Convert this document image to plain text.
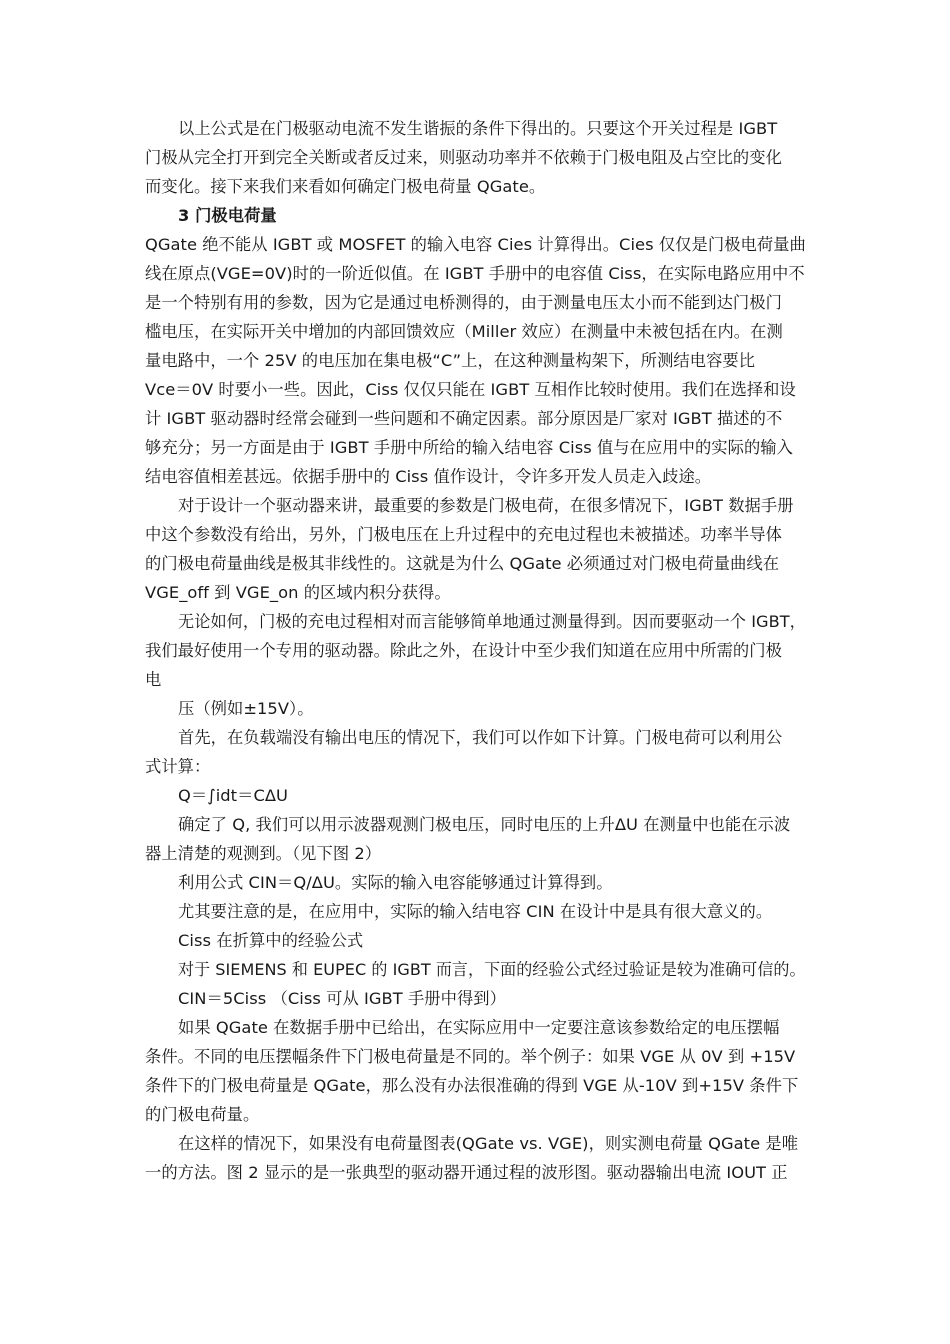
以上公式是在门极驱动电流不发生谐振的条件下得出的。只要这个开关过程是 IGBT
门极从完全打开到完全关断或者反过来，则驱动功率并不依赖于门极电阻及占空比的变化
而变化。接下来我们来看如何确定门极电荷量 QGate。
3 门极电荷量
QGate 绝不能从 IGBT 或 MOSFET 的输入电容 Cies 计算得出。Cies 仅仅是门极电荷量曲
线在原点(VGE=0V)时的一阶近似值。在 IGBT 手册中的电容值 Ciss，在实际电路应用中不
是一个特别有用的参数，因为它是通过电桥测得的，由于测量电压太小而不能到达门极门
槛电压，在实际开关中增加的内部回馈效应（Miller 效应）在测量中未被包括在内。在测
量电路中，一个 25V 的电压加在集电极“C”上，在这种测量构架下，所测结电容要比
Vce＝0V 时要小一些。因此，Ciss 仅仅只能在 IGBT 互相作比较时使用。我们在选择和设
计 IGBT 驱动器时经常会碰到一些问题和不确定因素。部分原因是厂家对 IGBT 描述的不
够充分；另一方面是由于 IGBT 手册中所给的输入结电容 Ciss 值与在应用中的实际的输入
结电容值相差甚远。依据手册中的 Ciss 值作设计，令许多开发人员走入歧途。
对于设计一个驱动器来讲，最重要的参数是门极电荷，在很多情况下，IGBT 数据手册
中这个参数没有给出，另外，门极电压在上升过程中的充电过程也未被描述。功率半导体
的门极电荷量曲线是极其非线性的。这就是为什么 QGate 必须通过对门极电荷量曲线在
VGE_off 到 VGE_on 的区域内积分获得。
无论如何，门极的充电过程相对而言能够简单地通过测量得到。因而要驱动一个 IGBT，
我们最好使用一个专用的驱动器。除此之外，在设计中至少我们知道在应用中所需的门极
电
压（例如±15V）。
首先，在负载端没有输出电压的情况下，我们可以作如下计算。门极电荷可以利用公
式计算：
Q＝∫idt＝CΔU
确定了 Q, 我们可以用示波器观测门极电压，同时电压的上升ΔU 在测量中也能在示波
器上清楚的观测到。（见下图 2）
利用公式 CIN＝Q/ΔU。实际的输入电容能够通过计算得到。
尤其要注意的是，在应用中，实际的输入结电容 CIN 在设计中是具有很大意义的。
Ciss 在折算中的经验公式
对于 SIEMENS 和 EUPEC 的 IGBT 而言，下面的经验公式经过验证是较为准确可信的。
CIN＝5Ciss （Ciss 可从 IGBT 手册中得到）
如果 QGate 在数据手册中已给出，在实际应用中一定要注意该参数给定的电压摆幅
条件。不同的电压摆幅条件下门极电荷量是不同的。举个例子：如果 VGE 从 0V 到 +15V
条件下的门极电荷量是 QGate，那么没有办法很准确的得到 VGE 从-10V 到+15V 条件下
的门极电荷量。
在这样的情况下，如果没有电荷量图表(QGate vs. VGE)，则实测电荷量 QGate 是唯
一的方法。图 2 显示的是一张典型的驱动器开通过程的波形图。驱动器输出电流 IOUT 正
